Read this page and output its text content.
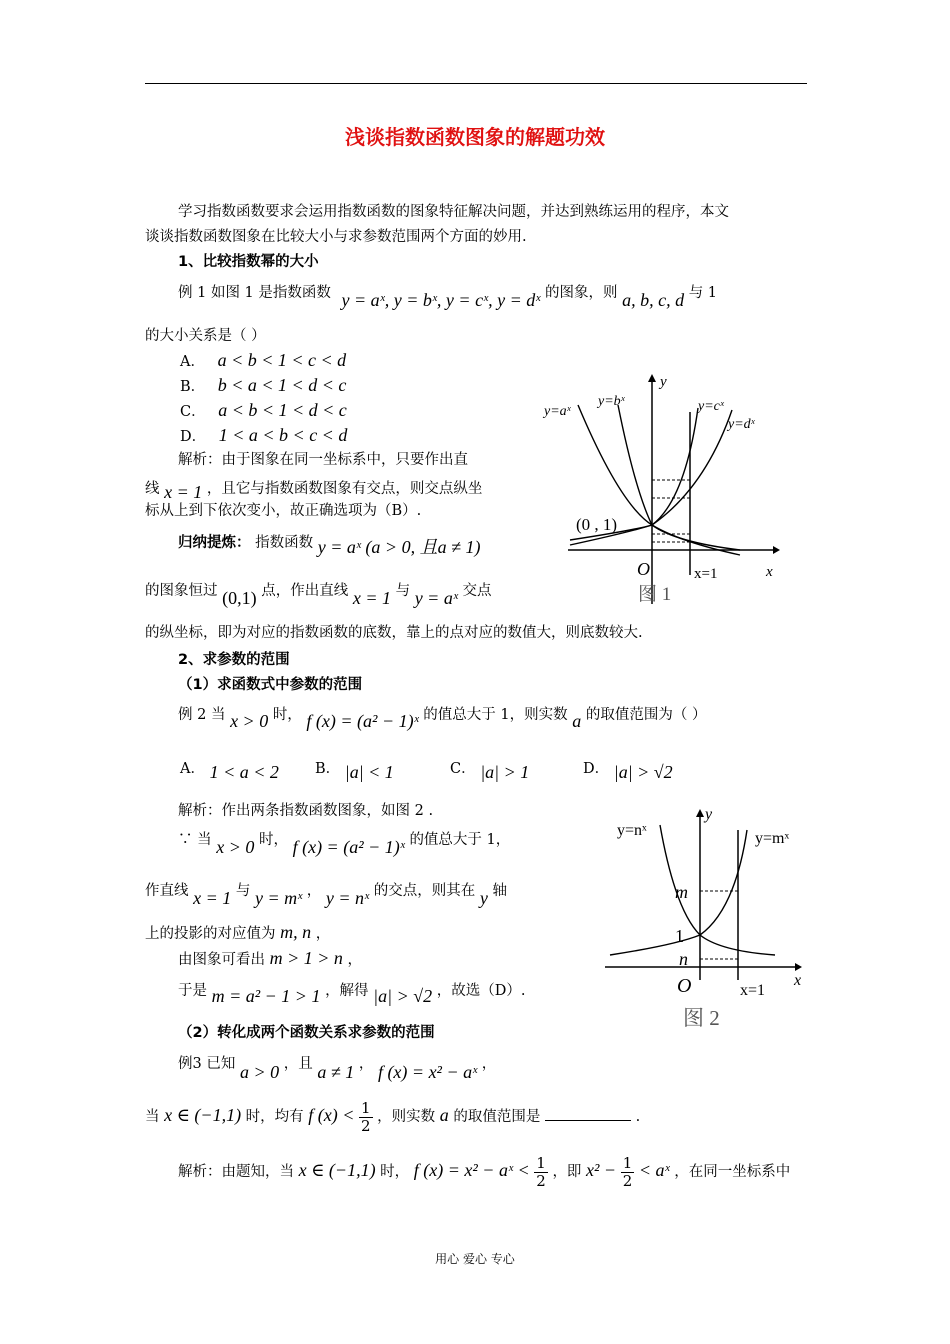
浅谈指数函数图象的解题功效
学习指数函数要求会运用指数函数的图象特征解决问题，并达到熟练运用的程序，本文
谈谈指数函数图象在比较大小与求参数范围两个方面的妙用.
1、比较指数幂的大小
例 1 如图 1 是指数函数 y = aˣ, y = bˣ, y = cˣ, y = dˣ 的图象，则 a, b, c, d 与 1
的大小关系是（ ）
A． a < b < 1 < c < d
B． b < a < 1 < d < c
C． a < b < 1 < d < c
D． 1 < a < b < c < d
解析：由于图象在同一坐标系中，只要作出直
线 x = 1 ，且它与指数函数图象有交点，则交点纵坐
标从上到下依次变小，故正确选项为（B）.
归纳提炼： 指数函数 y = aˣ (a > 0, 且a ≠ 1)
的图象恒过 (0,1) 点，作出直线 x = 1 与 y = aˣ 交点
的纵坐标，即为对应的指数函数的底数，靠上的点对应的数值大，则底数较大.
y=aˣ
y=bˣ	y=cˣ
y=dˣ
(0 , 1)
O	x=1	x
y
图 1
2、求参数的范围
（1）求函数式中参数的范围
例 2 当 x > 0 时， f (x) = (a² − 1)ˣ 的值总大于 1，则实数 a 的取值范围为（ ）
A． 1 < a < 2 B． |a| < 1	C． |a| > 1	D． |a| > √2
解析：作出两条指数函数图象，如图 2 .
∵ 当 x > 0 时， f (x) = (a² − 1)ˣ 的值总大于 1，
作直线 x = 1 与 y = mˣ ， y = nˣ 的交点，则其在 y 轴
上的投影的对应值为 m, n ，
由图象可看出 m > 1 > n ，
于是 m = a² − 1 > 1 ，解得 |a| > √2 ，故选（D）.
y=nˣ	y=mˣ
m
1
n
O	x=1
x
y
图 2
（2）转化成两个函数关系求参数的范围
例3 已知 a > 0 ，且 a ≠ 1 ， f (x) = x² − aˣ ，
当 x ∈ (−1,1) 时，均有 f $(x) < \frac{1}{2}$ ，则实数 a 的取值范围是	.
解析：由题知，当 x ∈ (−1,1) 时， f (x) = x² − aˣ < $\frac{1}{2}$ ，即 $x^2 - \frac{1}{2}$ < aˣ ，在同一坐标系中
用心 爱心 专心
